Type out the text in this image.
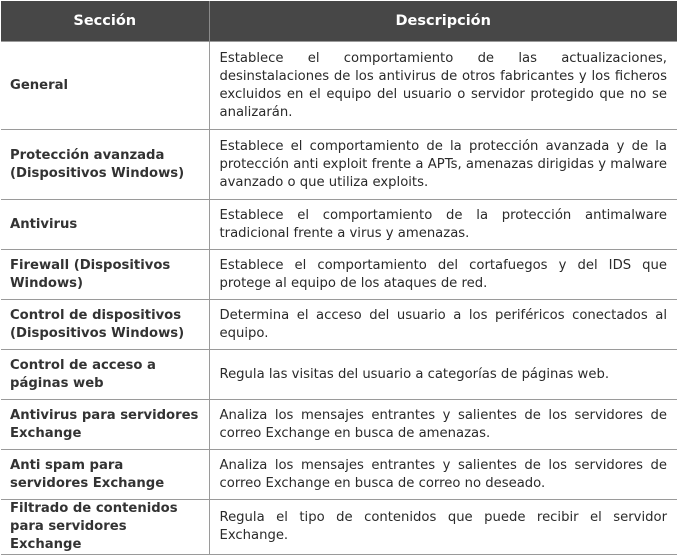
Sección	Descripción
General	Establece el comportamiento de las actualizaciones, desinstalaciones de los antivirus de otros fabricantes y los ficheros excluidos en el equipo del usuario o servidor protegido que no se analizarán.
Protección avanzada (Dispositivos Windows)	Establece el comportamiento de la protección avanzada y de la protección anti exploit frente a APTs, amenazas dirigidas y malware avanzado o que utiliza exploits.
Antivirus	Establece el comportamiento de la protección antimalware tradicional frente a virus y amenazas.
Firewall (Dispositivos Windows)	Establece el comportamiento del cortafuegos y del IDS que protege al equipo de los ataques de red.
Control de dispositivos (Dispositivos Windows)	Determina el acceso del usuario a los periféricos conectados al equipo.
Control de acceso a páginas web	Regula las visitas del usuario a categorías de páginas web.
Antivirus para servidores Exchange	Analiza los mensajes entrantes y salientes de los servidores de correo Exchange en busca de amenazas.
Anti spam para servidores Exchange	Analiza los mensajes entrantes y salientes de los servidores de correo Exchange en busca de correo no deseado.
Filtrado de contenidos para servidores Exchange	Regula el tipo de contenidos que puede recibir el servidor Exchange.
